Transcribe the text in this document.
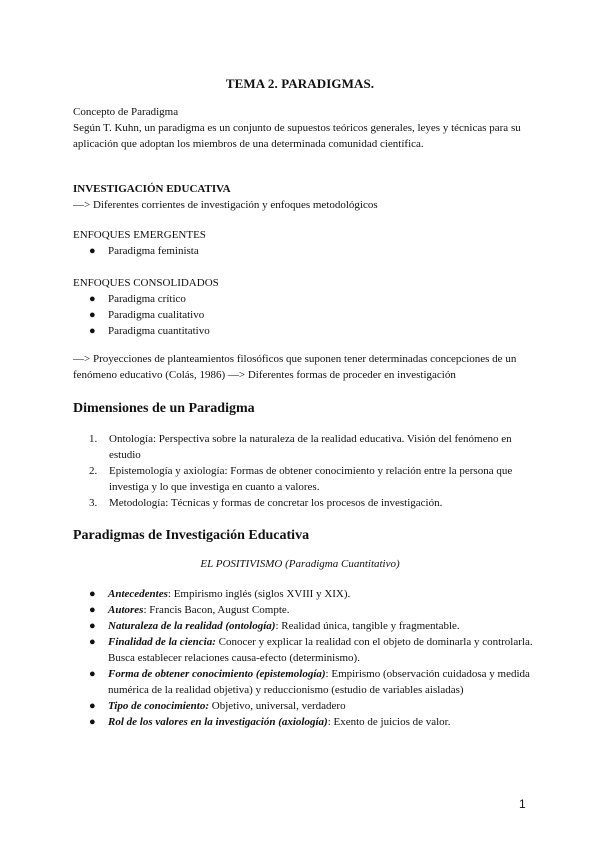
TEMA 2. PARADIGMAS.
Concepto de Paradigma
Según T. Kuhn, un paradigma es un conjunto de supuestos teóricos generales, leyes y técnicas para su aplicación que adoptan los miembros de una determinada comunidad científica.
INVESTIGACIÓN EDUCATIVA
—> Diferentes corrientes de investigación y enfoques metodológicos
ENFOQUES EMERGENTES
● Paradigma feminista
ENFOQUES CONSOLIDADOS
● Paradigma crítico
● Paradigma cualitativo
● Paradigma cuantitativo
—> Proyecciones de planteamientos filosóficos que suponen tener determinadas concepciones de un fenómeno educativo (Colás, 1986) —> Diferentes formas de proceder en investigación
Dimensiones de un Paradigma
1. Ontología: Perspectiva sobre la naturaleza de la realidad educativa. Visión del fenómeno en estudio
2. Epistemología y axiología: Formas de obtener conocimiento y relación entre la persona que investiga y lo que investiga en cuanto a valores.
3. Metodología: Técnicas y formas de concretar los procesos de investigación.
Paradigmas de Investigación Educativa
EL POSITIVISMO (Paradigma Cuantitativo)
● Antecedentes: Empirismo inglés (siglos XVIII y XIX).
● Autores: Francis Bacon, August Compte.
● Naturaleza de la realidad (ontología): Realidad única, tangible y fragmentable.
● Finalidad de la ciencia: Conocer y explicar la realidad con el objeto de dominarla y controlarla. Busca establecer relaciones causa-efecto (determinismo).
● Forma de obtener conocimiento (epistemología): Empirismo (observación cuidadosa y medida numérica de la realidad objetiva) y reduccionismo (estudio de variables aisladas)
● Tipo de conocimiento: Objetivo, universal, verdadero
● Rol de los valores en la investigación (axiología): Exento de juicios de valor.
1
